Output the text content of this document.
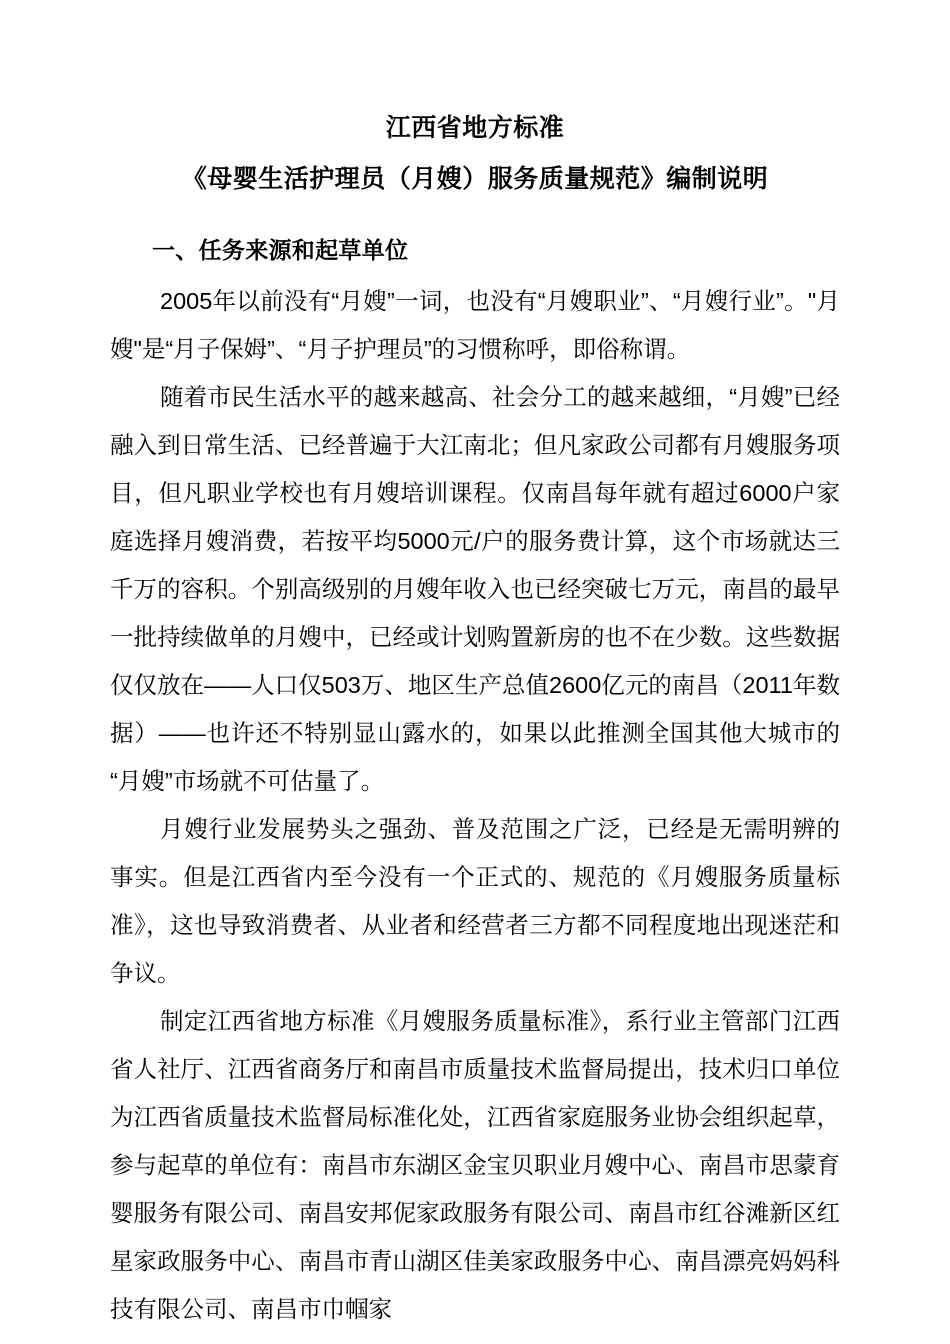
江西省地方标准
《母婴生活护理员（月嫂）服务质量规范》编制说明
一、任务来源和起草单位

2005年以前没有“月嫂”一词，也没有“月嫂职业”、“月嫂行业”。"月嫂"是“月子保姆”、“月子护理员”的习惯称呼，即俗称谓。

随着市民生活水平的越来越高、社会分工的越来越细，“月嫂”已经融入到日常生活、已经普遍于大江南北；但凡家政公司都有月嫂服务项目，但凡职业学校也有月嫂培训课程。仅南昌每年就有超过6000户家庭选择月嫂消费，若按平均5000元/户的服务费计算，这个市场就达三千万的容积。个别高级别的月嫂年收入也已经突破七万元，南昌的最早一批持续做单的月嫂中，已经或计划购置新房的也不在少数。这些数据仅仅放在——人口仅503万、地区生产总值2600亿元的南昌（2011年数据）——也许还不特别显山露水的，如果以此推测全国其他大城市的“月嫂”市场就不可估量了。

月嫂行业发展势头之强劲、普及范围之广泛，已经是无需明辨的事实。但是江西省内至今没有一个正式的、规范的《月嫂服务质量标准》，这也导致消费者、从业者和经营者三方都不同程度地出现迷茫和争议。

制定江西省地方标准《月嫂服务质量标准》，系行业主管部门江西省人社厅、江西省商务厅和南昌市质量技术监督局提出，技术归口单位为江西省质量技术监督局标准化处，江西省家庭服务业协会组织起草，参与起草的单位有：南昌市东湖区金宝贝职业月嫂中心、南昌市思蒙育婴服务有限公司、南昌安邦伲家政服务有限公司、南昌市红谷滩新区红星家政服务中心、南昌市青山湖区佳美家政服务中心、南昌漂亮妈妈科技有限公司、南昌市巾帼家
